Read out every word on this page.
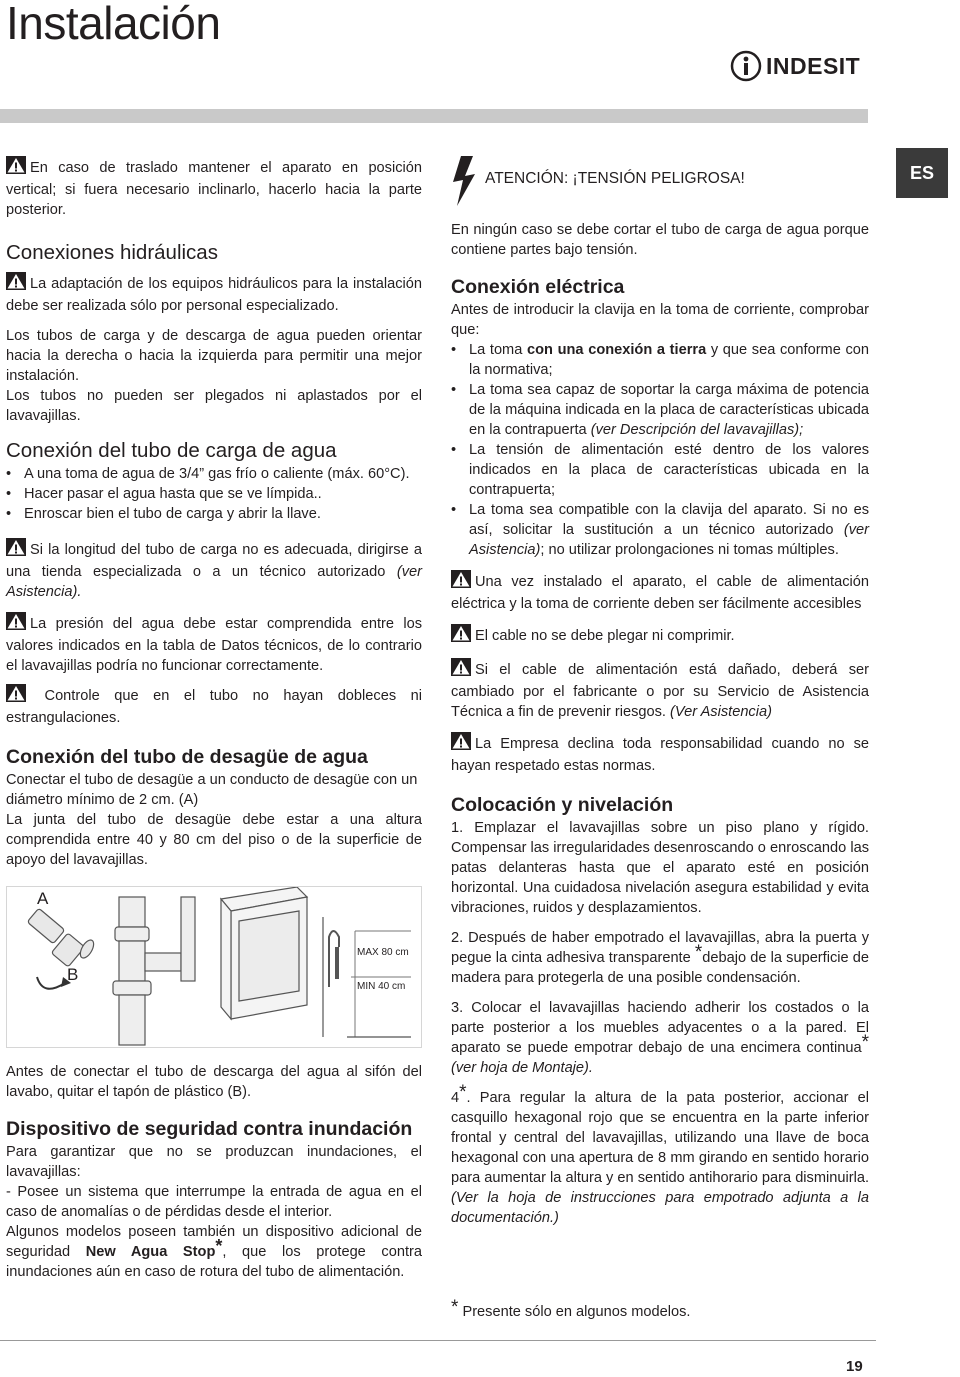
Instalación
INDESIT
ES

En caso de traslado mantener el aparato en posición vertical; si fuera necesario inclinarlo, hacerlo hacia la parte posterior.

Conexiones hidráulicas

La adaptación de los equipos hidráulicos para la instalación debe ser realizada sólo por personal especializado.

Los tubos de carga y de descarga de agua pueden orientar hacia la derecha o hacia la izquierda para permitir una mejor instalación.

Los tubos no pueden ser plegados ni aplastados por el lavavajillas.

Conexión del tubo de carga de agua
• A una toma de agua de 3/4” gas frío o caliente (máx. 60°C).
• Hacer pasar el agua hasta que se ve límpida..
• Enroscar bien el tubo de carga y abrir la llave.

Si la longitud del tubo de carga no es adecuada, dirigirse a una tienda especializada o a un técnico autorizado (ver Asistencia).

La presión del agua debe estar comprendida entre los valores indicados en la tabla de Datos técnicos, de lo contrario el lavavajillas podría no funcionar correctamente.

Controle que en el tubo no hayan dobleces ni estrangulaciones.

Conexión del tubo de desagüe de agua

Conectar el tubo de desagüe a un conducto de desagüe con un diámetro mínimo de 2 cm. (A)

La junta del tubo de desagüe debe estar a una altura comprendida entre 40 y 80 cm del piso o de la superficie de apoyo del lavavajillas.

A
B
MAX 80 cm
MIN 40 cm

Antes de conectar el tubo de descarga del agua al sifón del lavabo, quitar el tapón de plástico (B).

Dispositivo de seguridad contra inundación

Para garantizar que no se produzcan inundaciones, el lavavajillas:

- Posee un sistema que interrumpe la entrada de agua en el caso de anomalías o de pérdidas desde el interior.

Algunos modelos poseen también un dispositivo adicional de seguridad New Agua Stop*, que los protege contra inundaciones aún en caso de rotura del tubo de alimentación.

ATENCIÓN: ¡TENSIÓN PELIGROSA!

En ningún caso se debe cortar el tubo de carga de agua porque contiene partes bajo tensión.

Conexión eléctrica

Antes de introducir la clavija en la toma de corriente, comprobar que:

• La toma con una conexión a tierra y que sea conforme con la normativa;
• La toma sea capaz de soportar la carga máxima de potencia de la máquina indicada en la placa de características ubicada en la contrapuerta (ver Descripción del lavavajillas);
• La tensión de alimentación esté dentro de los valores indicados en la placa de características ubicada en la contrapuerta;
• La toma sea compatible con la clavija del aparato. Si no es así, solicitar la sustitución a un técnico autorizado (ver Asistencia); no utilizar prolongaciones ni tomas múltiples.

Una vez instalado el aparato, el cable de alimentación eléctrica y la toma de corriente deben ser fácilmente accesibles

El cable no se debe plegar ni comprimir.

Si el cable de alimentación está dañado, deberá ser cambiado por el fabricante o por su Servicio de Asistencia Técnica a fin de prevenir riesgos. (Ver Asistencia)

La Empresa declina toda responsabilidad cuando no se hayan respetado estas normas.

Colocación y nivelación

1. Emplazar el lavavajillas sobre un piso plano y rígido. Compensar las irregularidades desenroscando o enroscando las patas delanteras hasta que el aparato esté en posición horizontal. Una cuidadosa nivelación asegura estabilidad y evita vibraciones, ruidos y desplazamientos.

2. Después de haber empotrado el lavavajillas, abra la puerta y pegue la cinta adhesiva transparente *debajo de la superficie de madera para protegerla de una posible condensación.

3. Colocar el lavavajillas haciendo adherir los costados o la parte posterior a los muebles adyacentes o a la pared. El aparato se puede empotrar debajo de una encimera continua* (ver hoja de Montaje).

4*. Para regular la altura de la pata posterior, accionar el casquillo hexagonal rojo que se encuentra en la parte inferior frontal y central del lavavajillas, utilizando una llave de boca hexagonal con una apertura de 8 mm girando en sentido horario para aumentar la altura y en sentido antihorario para disminuirla. (Ver la hoja de instrucciones para empotrado adjunta a la documentación.)

* Presente sólo en algunos modelos.
19
